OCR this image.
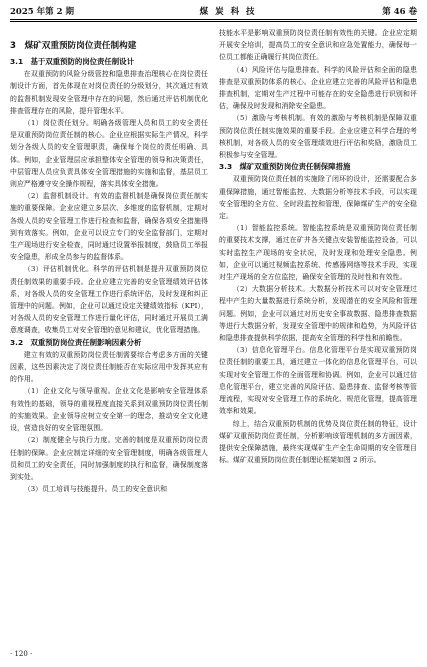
2025 年第 2 期	煤 炭 科 技	第 46 卷
3　煤矿双重预防岗位责任制构建
3.1　基于双重预防的岗位责任制设计

在双重预防的风险分级管控和隐患排查治理核心在岗位责任制设计方面，首先体现在对岗位责任的分级划分，其次通过有效的监督机制发现安全管理中存在的问题，然后通过评估机制优化排查管理存在的风险，提升管理水平。

（1）岗位责任划分。明确各级管理人员和员工的安全责任是双重预防岗位责任制的核心。企业应根据实际生产情况，科学划分各级人员的安全管理职责，确保每个岗位的责任明确、具体。例如，企业管理层应承担整体安全管理的领导和决策责任，中层管理人员应负责具体安全管理措施的实施和监督，基层员工则应严格遵守安全操作规程，落实具体安全措施。

（2）监督机制设计。有效的监督机制是确保岗位责任制实施的重要保障。企业应建立多层次、多维度的监督机制，定期对各级人员的安全管理工作进行检查和监督，确保各项安全措施得到有效落实。例如，企业可以设立专门的安全监督部门，定期对生产现场进行安全检查，同时通过设置举报制度，鼓励员工举报安全隐患，形成全员参与的监督体系。

（3）评估机制优化。科学的评估机制是提升双重预防岗位责任制效果的重要手段。企业应建立完善的安全管理绩效评估体系，对各级人员的安全管理工作进行系统评估，及时发现和纠正管理中的问题。例如，企业可以通过设定关键绩效指标（KPI），对各级人员的安全管理工作进行量化评估，同时通过开展员工满意度调查，收集员工对安全管理的意见和建议，优化管理措施。

3.2　双重预防岗位责任制影响因素分析

建立有效的双重预防岗位责任制需要综合考虑多方面的关键因素，这些因素决定了岗位责任制能否在实际应用中发挥其应有的作用。

（1）企业文化与领导重视。企业文化是影响安全管理体系有效性的基础，领导的重视程度直接关系到双重预防岗位责任制的实施效果。企业领导应树立安全第一的理念，推动安全文化建设，营造良好的安全管理氛围。

（2）制度健全与执行力度。完善的制度是双重预防岗位责任制的保障。企业应制定详细的安全管理制度，明确各级管理人员和员工的安全责任，同时加强制度的执行和监督，确保制度落到实处。

（3）员工培训与技能提升。员工的安全意识和

技能水平是影响双重预防岗位责任制有效性的关键。企业应定期开展安全培训，提高员工的安全意识和应急处置能力，确保每一位员工都能正确履行其岗位责任。

（4）风险评估与隐患排查。科学的风险评估和全面的隐患排查是双重预防体系的核心。企业应建立完善的风险评估和隐患排查机制，定期对生产过程中可能存在的安全隐患进行识别和评估，确保及时发现和消除安全隐患。

（5）激励与考核机制。有效的激励与考核机制是保障双重预防岗位责任制实施效果的重要手段。企业应建立科学合理的考核机制，对各级人员的安全管理绩效进行评估和奖励，激励员工积极参与安全管理。

3.3　煤矿双重预防岗位责任制保障措施

双重预防岗位责任制的实施除了闭环的设计，还需要配合多重保障措施，通过智能监控、大数据分析等技术手段，可以实现安全管理的全方位、全时段监控和管理，保障煤矿生产的安全稳定。

（1）智能监控系统。智能监控系统是双重预防岗位责任制的重要技术支撑，通过在矿井各关键点安装智能监控设备，可以实时监控生产现场的安全状况，及时发现和处理安全隐患。例如，企业可以通过视频监控系统、传感器网络等技术手段，实现对生产现场的全方位监控，确保安全管理的及时性和有效性。

（2）大数据分析技术。大数据分析技术可以对安全管理过程中产生的大量数据进行系统分析，发现潜在的安全风险和管理问题。例如，企业可以通过对历史安全事故数据、隐患排查数据等进行大数据分析，发现安全管理中的规律和趋势，为风险评估和隐患排查提供科学依据，提高安全管理的科学性和前瞻性。

（3）信息化管理平台。信息化管理平台是实现双重预防岗位责任制的重要工具，通过建立一体化的信息化管理平台，可以实现对安全管理工作的全面管理和协调。例如，企业可以通过信息化管理平台，建立完善的风险评估、隐患排查、监督考核等管理流程，实现对安全管理工作的系统化、规范化管理，提高管理效率和效果。

综上，结合双重预防机制的优势及岗位责任制的特征，设计煤矿双重预防岗位责任制，分析影响该管理机制的多方面因素，提供安全保障措施，最终实现煤矿生产全生命周期的安全管理目标。煤矿双重预防岗位责任制理论框架如图 2 所示。

· 120 ·
